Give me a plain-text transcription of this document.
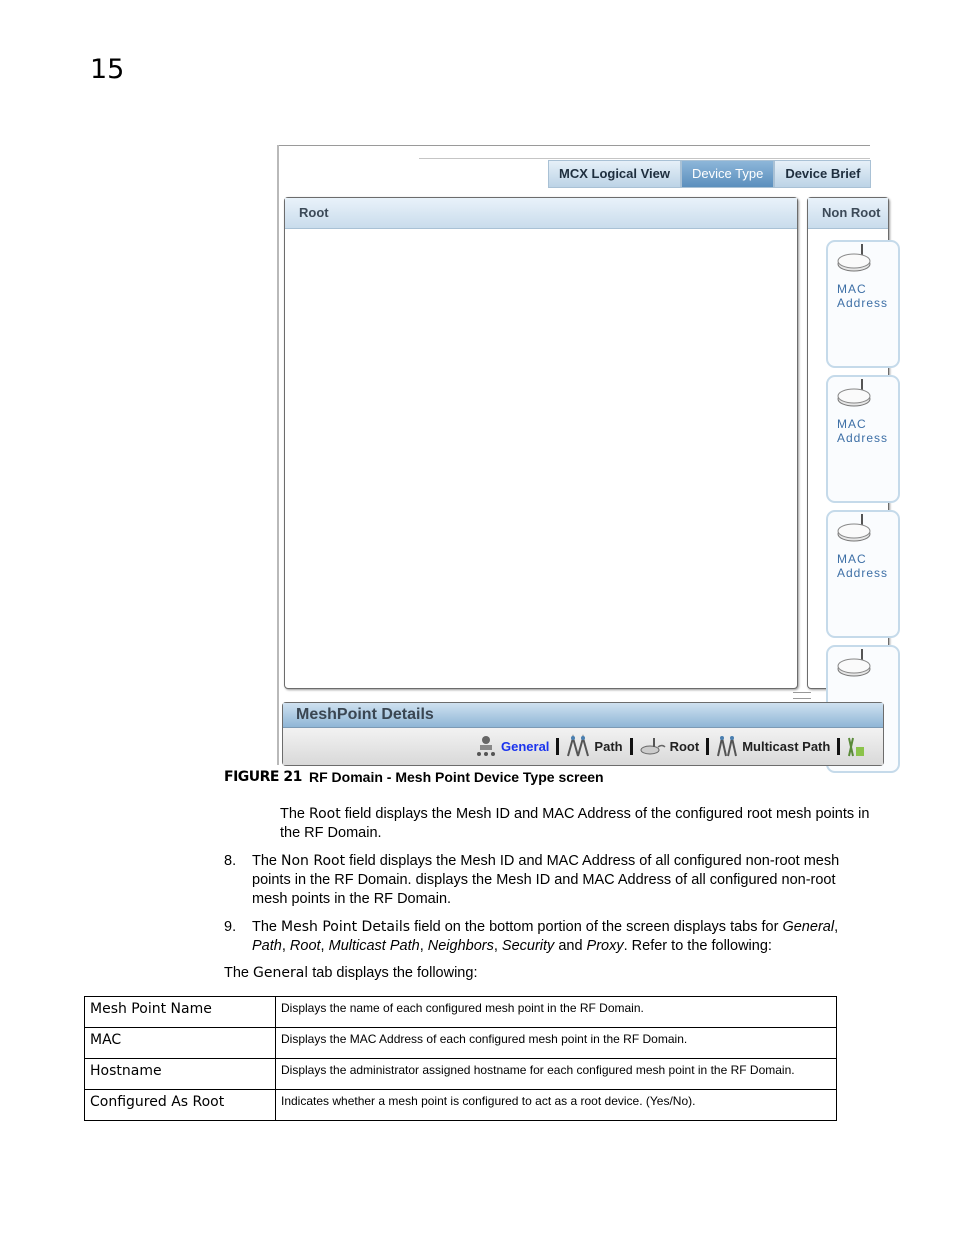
15
MCX Logical View	Device Type	Device Brief
Root	Non Root
MAC Address
MAC Address
MAC Address
MeshPoint Details
General	Path	Root	Multicast Path
FIGURE 21 RF Domain - Mesh Point Device Type screen

The Root field displays the Mesh ID and MAC Address of the configured root mesh points in the RF Domain.

8. The Non Root field displays the Mesh ID and MAC Address of all configured non-root mesh points in the RF Domain. displays the Mesh ID and MAC Address of all configured non-root mesh points in the RF Domain.

9. The Mesh Point Details field on the bottom portion of the screen displays tabs for General, Path, Root, Multicast Path, Neighbors, Security and Proxy. Refer to the following:

The General tab displays the following:

Mesh Point Name	Displays the name of each configured mesh point in the RF Domain.
MAC	Displays the MAC Address of each configured mesh point in the RF Domain.
Hostname	Displays the administrator assigned hostname for each configured mesh point in the RF Domain.
Configured As Root	Indicates whether a mesh point is configured to act as a root device. (Yes/No).
